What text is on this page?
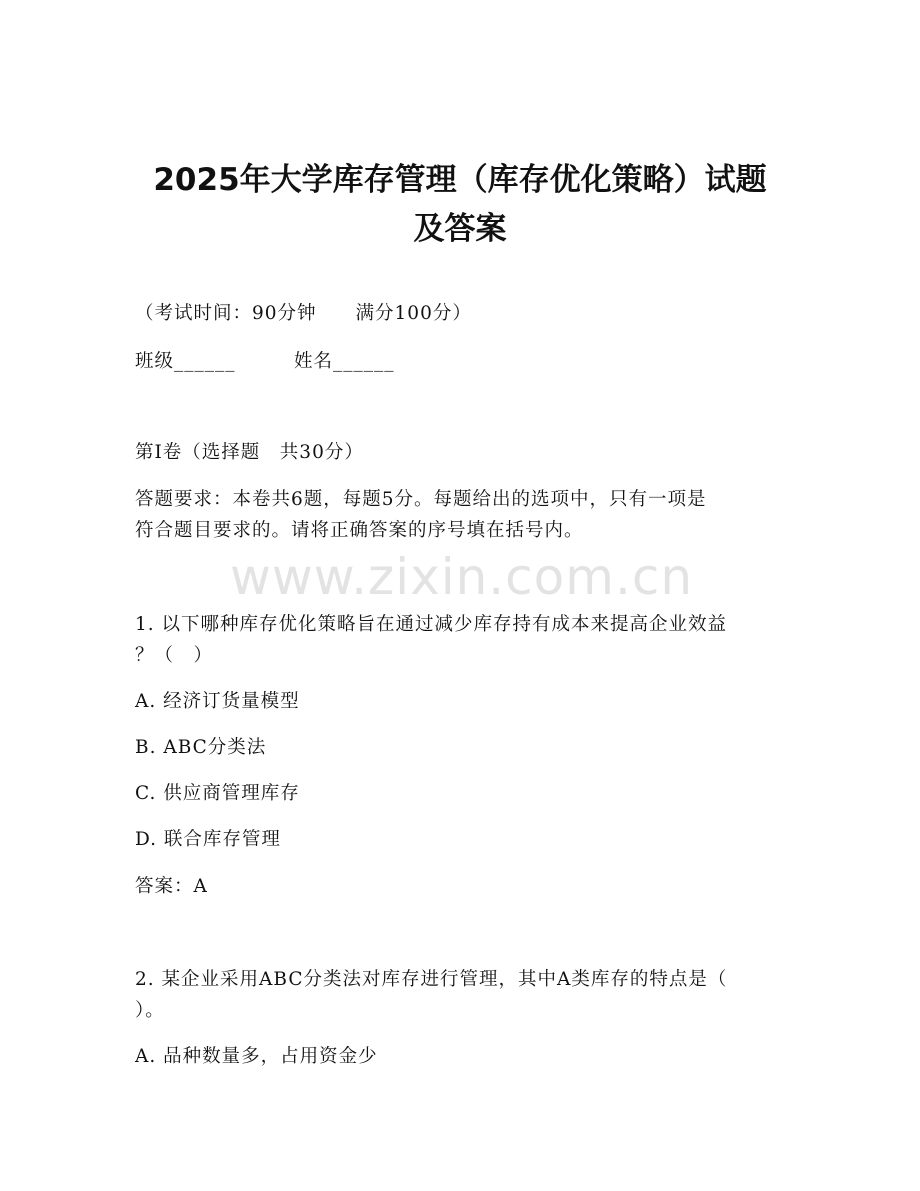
2025年大学库存管理（库存优化策略）试题
及答案
（考试时间：90分钟　　满分100分）
班级______	姓名______
第I卷（选择题　共30分）
答题要求：本卷共6题，每题5分。每题给出的选项中，只有一项是
符合题目要求的。请将正确答案的序号填在括号内。
www.zixin.com.cn
1. 以下哪种库存优化策略旨在通过减少库存持有成本来提高企业效益
？（　）
A. 经济订货量模型
B. ABC分类法
C. 供应商管理库存
D. 联合库存管理
答案：A
2. 某企业采用ABC分类法对库存进行管理，其中A类库存的特点是（
）。
A. 品种数量多，占用资金少
